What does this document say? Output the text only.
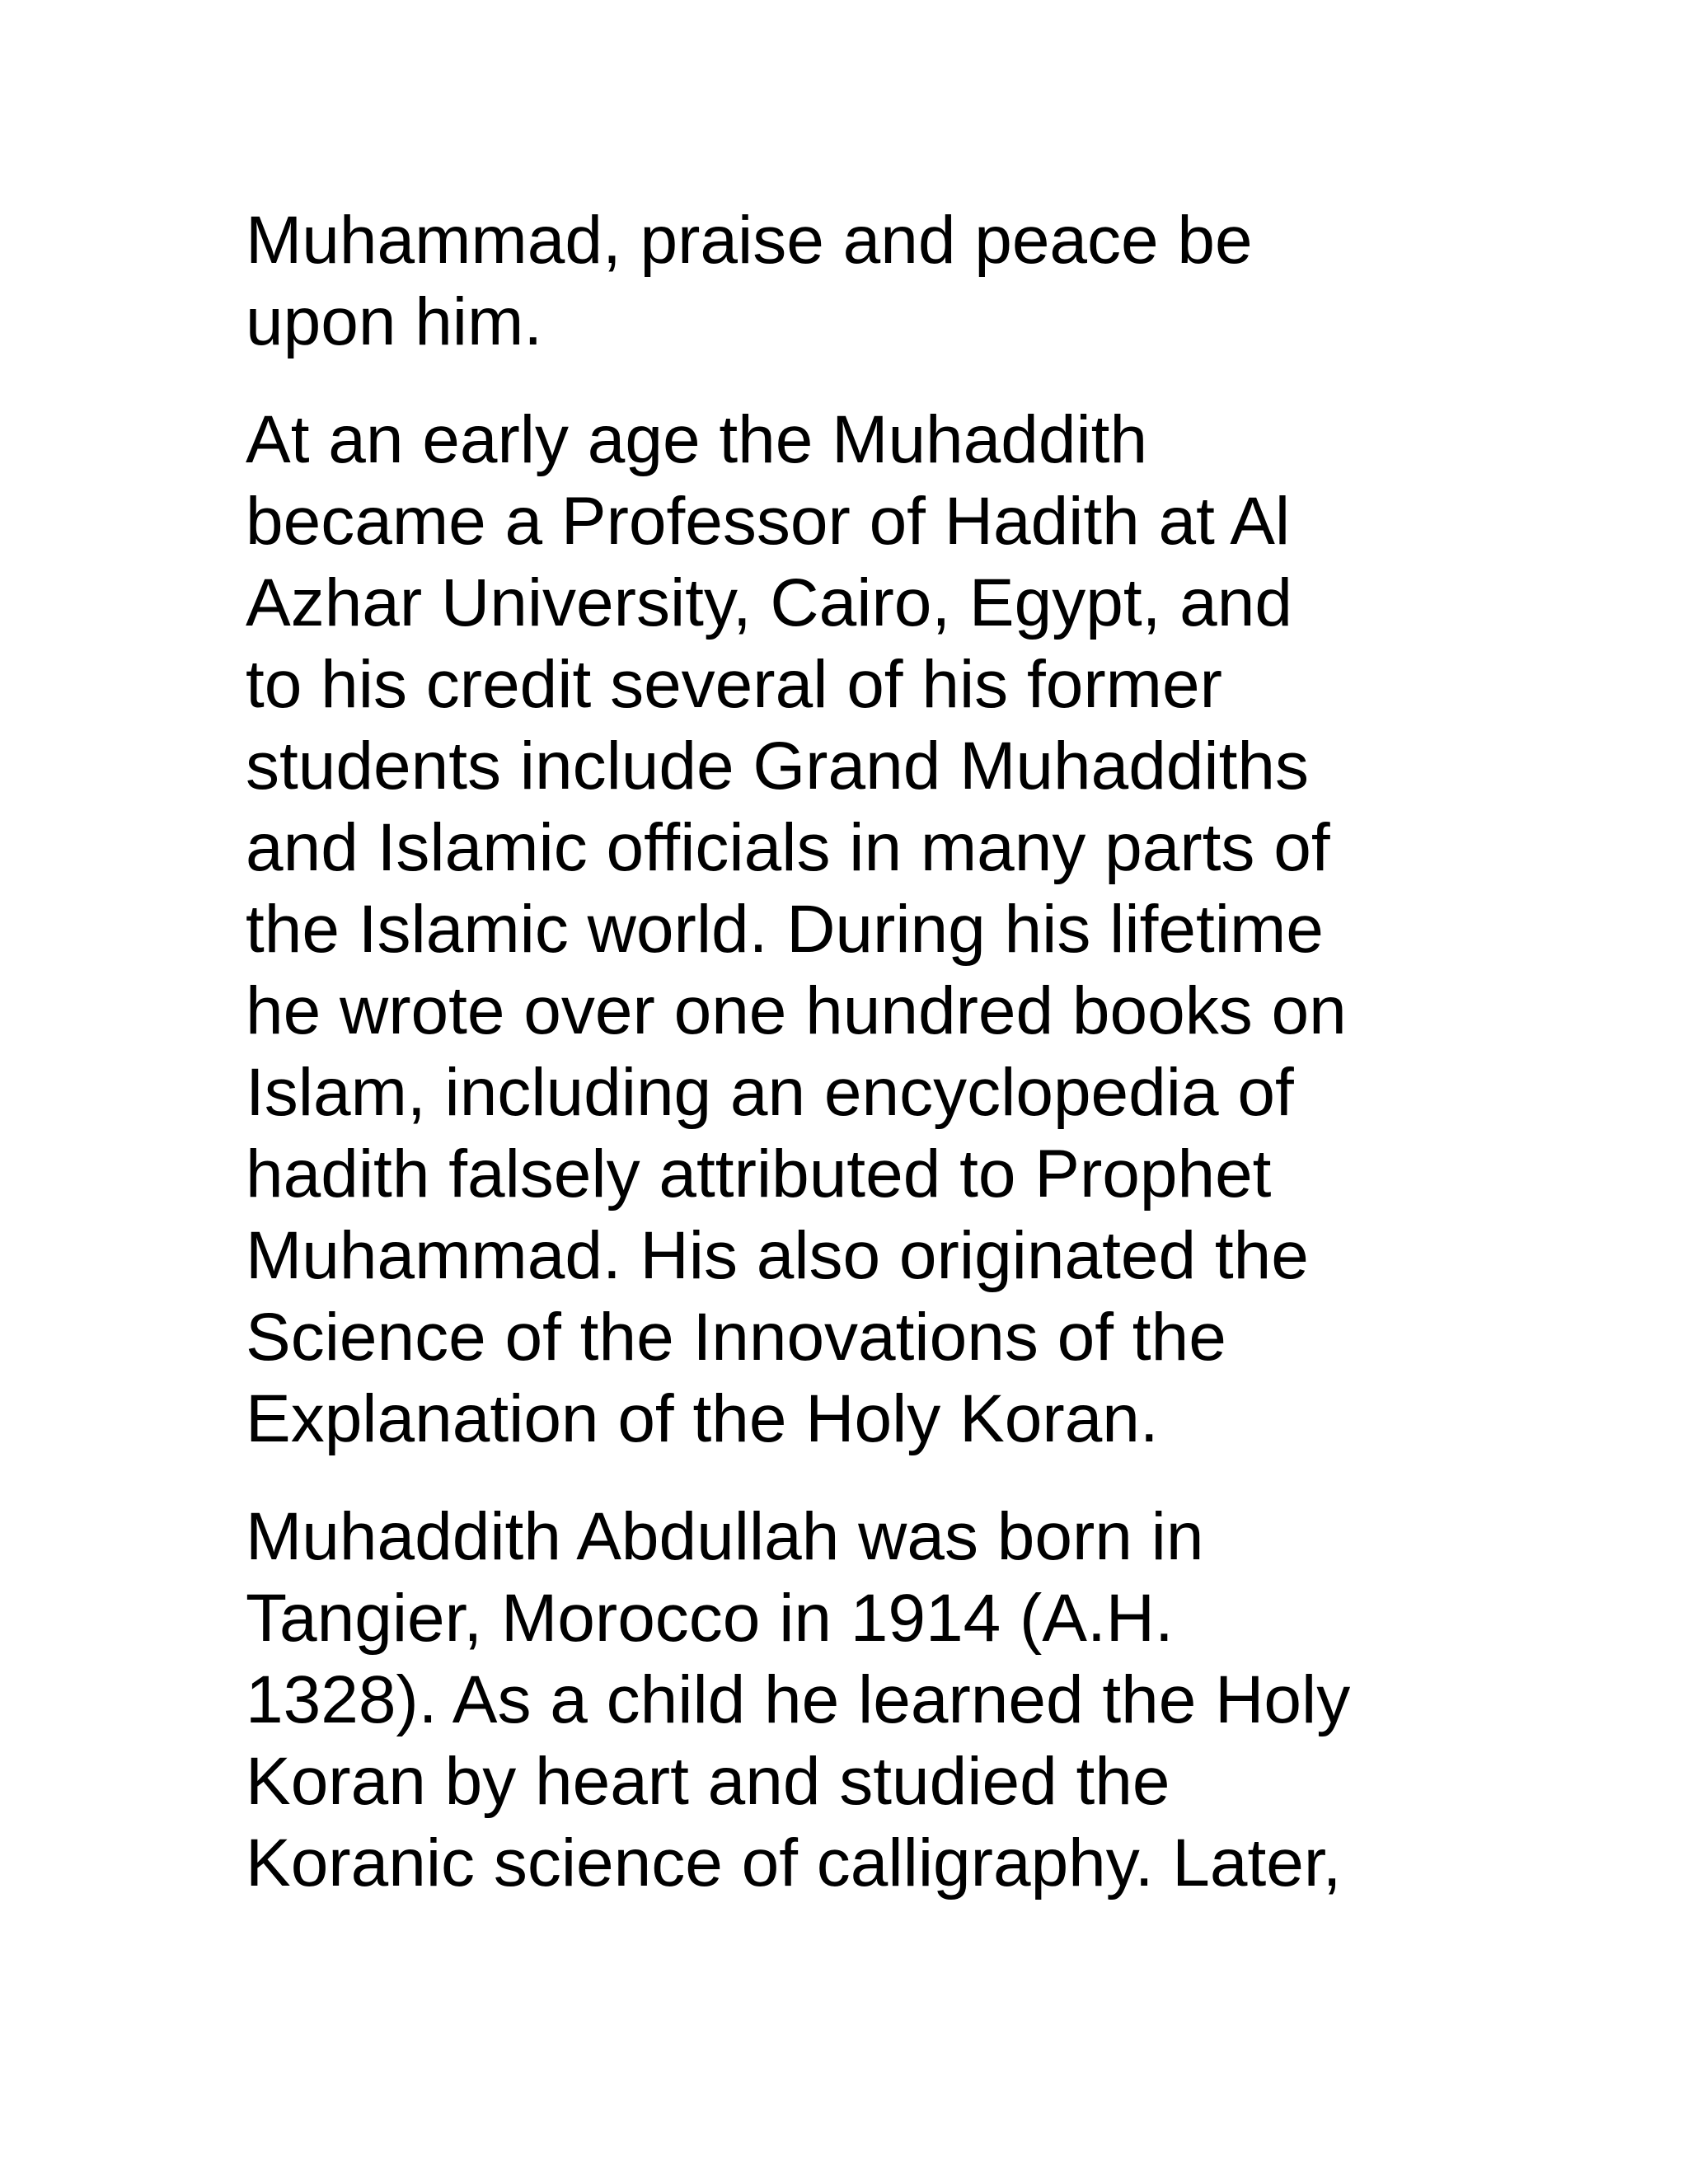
Muhammad, praise and peace be
upon him.
At an early age the Muhaddith
became a Professor of Hadith at Al
Azhar University, Cairo, Egypt, and
to his credit several of his former
students include Grand Muhaddiths
and Islamic officials in many parts of
the Islamic world. During his lifetime
he wrote over one hundred books on
Islam, including an encyclopedia of
hadith falsely attributed to Prophet
Muhammad. His also originated the
Science of the Innovations of the
Explanation of the Holy Koran.
Muhaddith Abdullah was born in
Tangier, Morocco in 1914 (A.H.
1328). As a child he learned the Holy
Koran by heart and studied the
Koranic science of calligraphy. Later,
